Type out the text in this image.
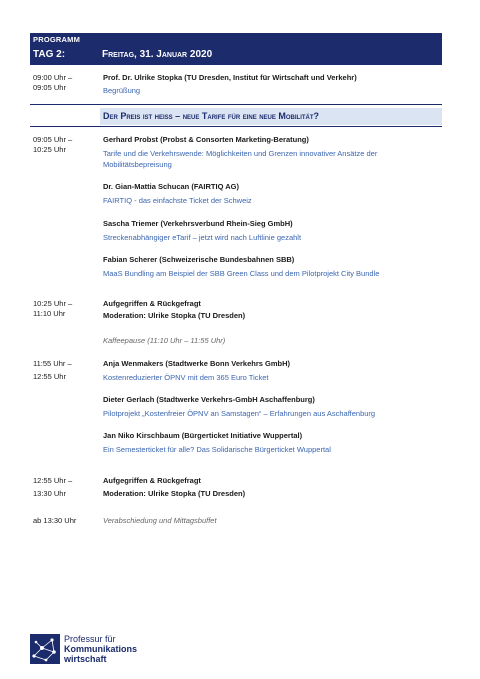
PROGRAMM
TAG 2:	Freitag, 31. Januar 2020
Der Preis ist heiß – neue Tarife für eine neue Mobilität?
09:00 Uhr –
09:05 Uhr
Prof. Dr. Ulrike Stopka (TU Dresden, Institut für Wirtschaft und Verkehr)
Begrüßung
09:05 Uhr –
10:25 Uhr
Gerhard Probst (Probst & Consorten Marketing-Beratung)
Tarife und die Verkehrswende: Möglichkeiten und Grenzen innovativer Ansätze der Mobilitätsbepreisung
Dr. Gian-Mattia Schucan (FAIRTIQ AG)
FAIRTIQ - das einfachste Ticket der Schweiz
Sascha Triemer (Verkehrsverbund Rhein-Sieg GmbH)
Streckenabhängiger eTarif – jetzt wird nach Luftlinie gezahlt
Fabian Scherer (Schweizerische Bundesbahnen SBB)
MaaS Bundling am Beispiel der SBB Green Class und dem Pilotprojekt City Bundle
10:25 Uhr –
11:10 Uhr
Aufgegriffen & Rückgefragt
Moderation: Ulrike Stopka (TU Dresden)
Kaffeepause (11:10 Uhr – 11:55 Uhr)
11:55 Uhr –
12:55 Uhr
Anja Wenmakers (Stadtwerke Bonn Verkehrs GmbH)
Kostenreduzierter ÖPNV mit dem 365 Euro Ticket
Dieter Gerlach (Stadtwerke Verkehrs-GmbH Aschaffenburg)
Pilotprojekt „Kostenfreier ÖPNV an Samstagen“ – Erfahrungen aus Aschaffenburg
Jan Niko Kirschbaum (Bürgerticket Initiative Wuppertal)
Ein Semesterticket für alle? Das Solidarische Bürgerticket Wuppertal
12:55 Uhr –
13:30 Uhr
Aufgegriffen & Rückgefragt
Moderation: Ulrike Stopka (TU Dresden)
ab 13:30 Uhr	Verabschiedung und Mittagsbuffet
Professur für
Kommunikations
wirtschaft
